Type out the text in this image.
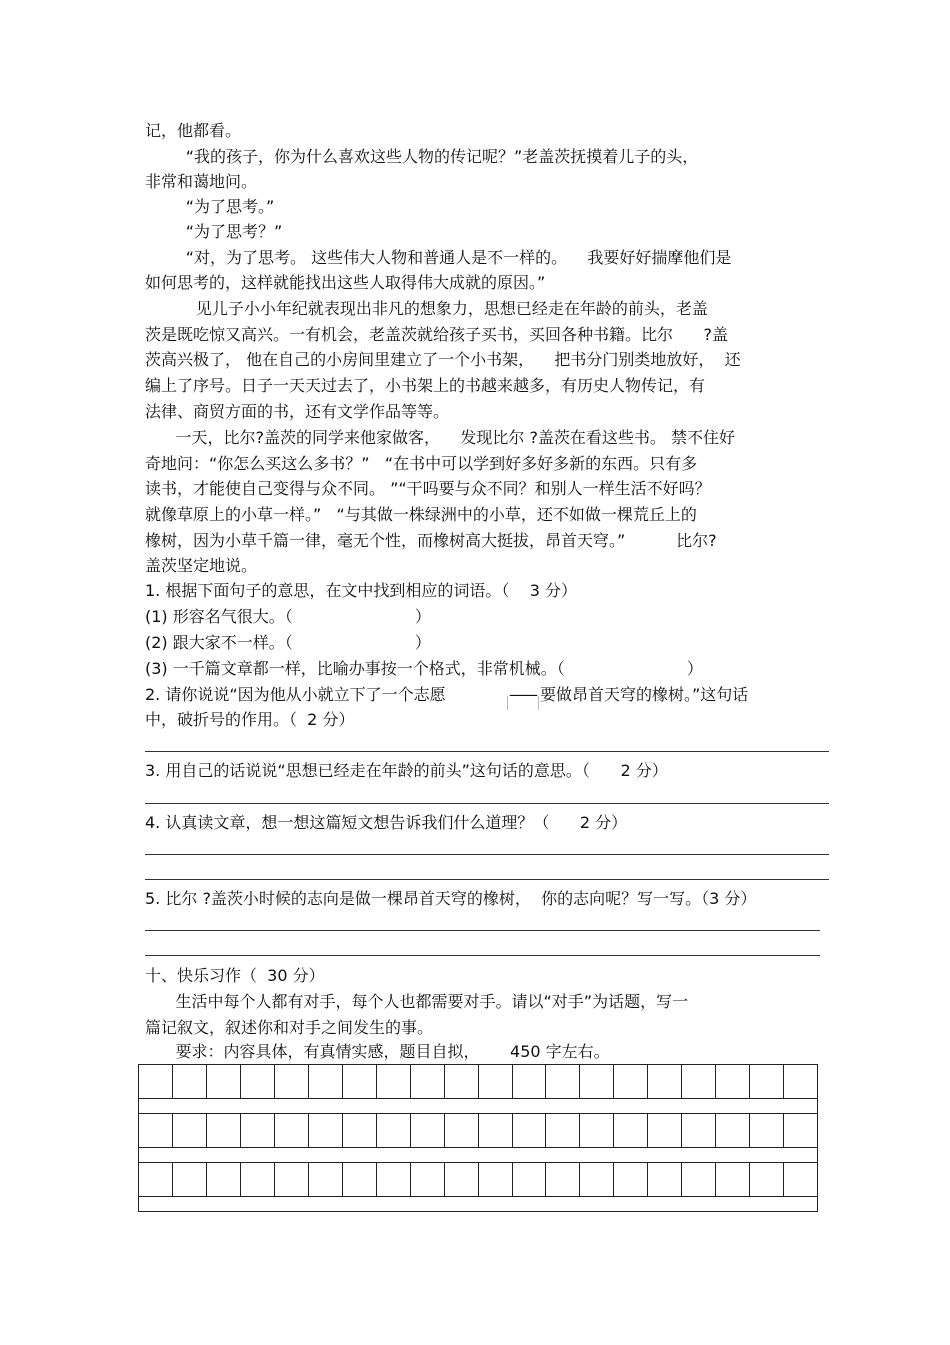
记，他都看。
“我的孩子，你为什么喜欢这些人物的传记呢？”老盖茨抚摸着儿子的头，
非常和蔼地问。
“为了思考。”
“为了思考？”
“对，为了思考。 这些伟大人物和普通人是不一样的。    我要好好揣摩他们是
如何思考的，这样就能找出这些人取得伟大成就的原因。”
见儿子小小年纪就表现出非凡的想象力，思想已经走在年龄的前头，老盖
茨是既吃惊又高兴。一有机会，老盖茨就给孩子买书，买回各种书籍。比尔      ?盖
茨高兴极了， 他在自己的小房间里建立了一个小书架，    把书分门别类地放好，  还
编上了序号。日子一天天过去了，小书架上的书越来越多，有历史人物传记，有
法律、商贸方面的书，还有文学作品等等。
一天，比尔?盖茨的同学来他家做客，    发现比尔 ?盖茨在看这些书。 禁不住好
奇地问：“你怎么买这么多书？”   “在书中可以学到好多好多新的东西。只有多
读书，才能使自己变得与众不同。 ”“干吗要与众不同？和别人一样生活不好吗？
就像草原上的小草一样。”   “与其做一株绿洲中的小草，还不如做一棵荒丘上的
橡树，因为小草千篇一律，毫无个性，而橡树高大挺拔，昂首天穹。”          比尔?
盖茨坚定地说。
1. 根据下面句子的意思，在文中找到相应的词语。（    3 分）
(1) 形容名气很大。（                        ）
(2) 跟大家不一样。（                        ）
(3) 一千篇文章都一样，比喻办事按一个格式，非常机械。（                        ）
2. 请你说说“因为他从小就立下了一个志愿	—— 要做昂首天穹的橡树。”这句话
中，破折号的作用。（  2 分）
3. 用自己的话说说“思想已经走在年龄的前头”这句话的意思。（      2 分）
4. 认真读文章，想一想这篇短文想告诉我们什么道理？（      2 分）
5. 比尔 ?盖茨小时候的志向是做一棵昂首天穹的橡树，  你的志向呢？写一写。（3 分）
十、快乐习作（  30 分）
生活中每个人都有对手，每个人也都需要对手。请以“对手”为话题，写一
篇记叙文，叙述你和对手之间发生的事。
要求：内容具体，有真情实感，题目自拟，      450 字左右。
